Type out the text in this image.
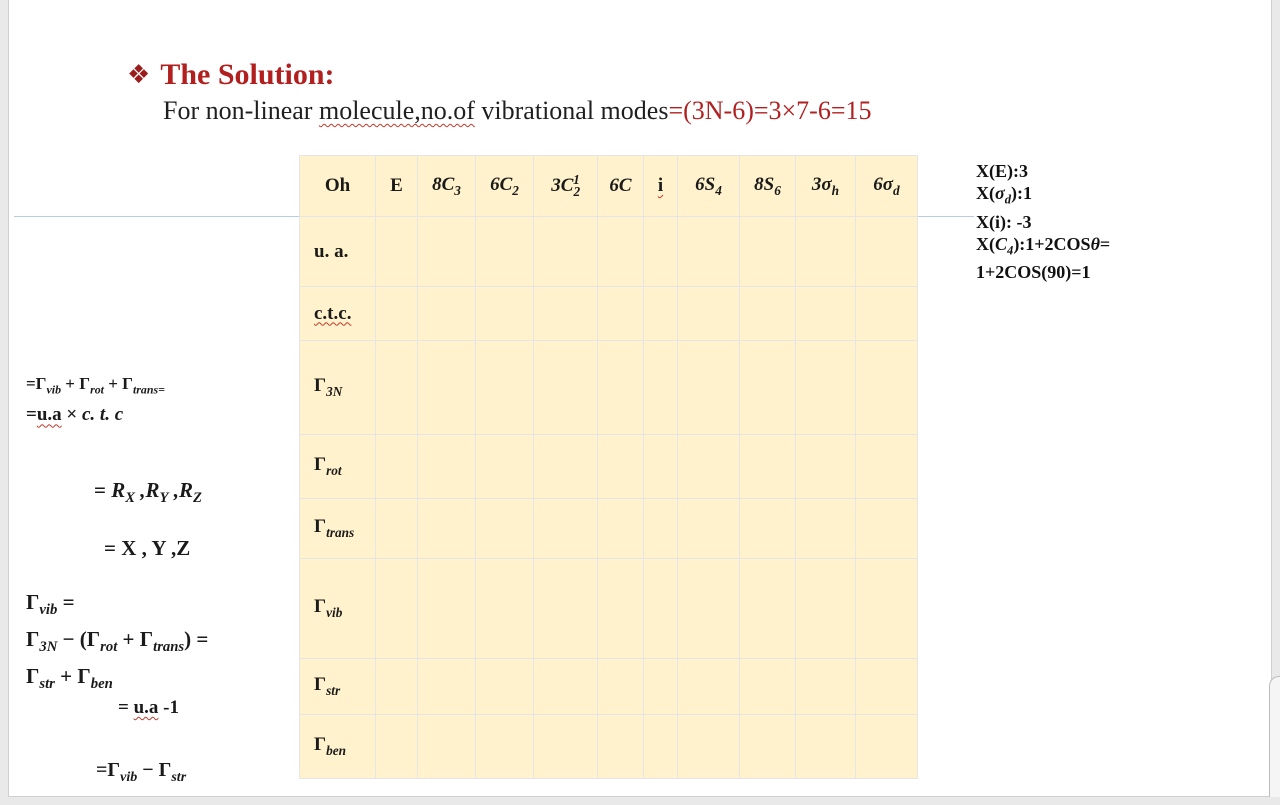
❖ The Solution:
For non-linear molecule,no.of vibrational modes=(3N-6)=3×7-6=15
Oh	E	$8C_3$	$6C_2$	$3C_2^1$	6C	i	$6S_4$	$8S_6$	$3\sigma_h$	$6\sigma_d$
u. a.										
c.t.c.										
$\Gamma_{3N}$										
$\Gamma_{rot}$										
$\Gamma_{trans}$										
$\Gamma_{vib}$										
$\Gamma_{str}$										
$\Gamma_{ben}$										
X(E):3
$X(\sigma_d):1$
X(i): -3
$X(C_4):1+2COS\theta=$
1+2COS(90)=1
$=\Gamma_{vib} + \Gamma_{rot} + \Gamma_{trans=}$
=u.a × c. t. c
= $R_X$ $,R_Y$ $,R_Z$
= X , Y ,Z
$\Gamma_{vib}$ =
$\Gamma_{3N} - (\Gamma_{rot} + \Gamma_{trans})$ =
$\Gamma_{str} + \Gamma_{ben}$
= u.a -1
$=\Gamma_{vib} - \Gamma_{str}$
